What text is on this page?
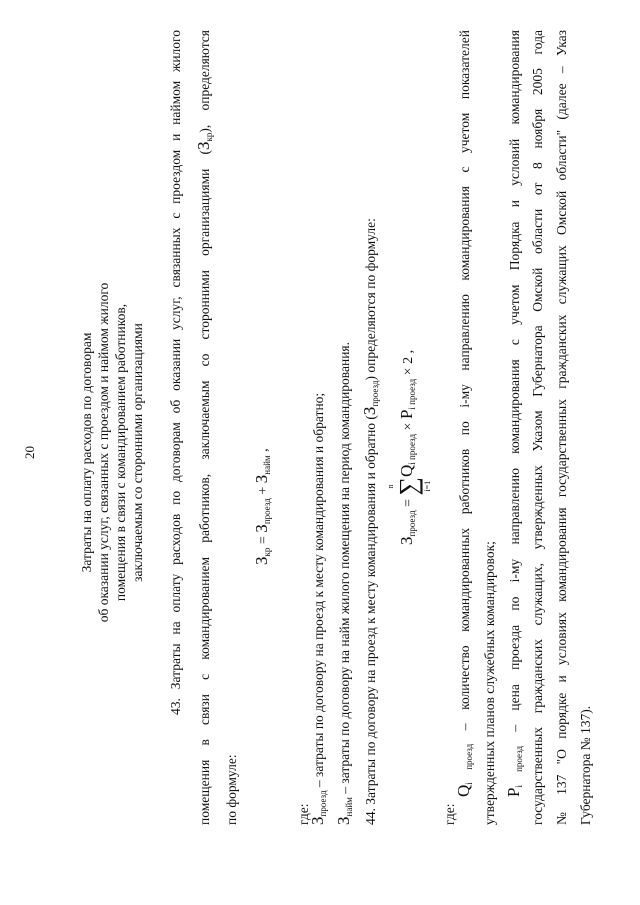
20	Затраты на оплату расходов по договорам об оказании услуг, связанных с проездом и наймом жилого помещения в связи с командированием работников, заключаемым со сторонними организациями	43. Затраты на оплату расходов по договорам об оказании услуг, связанных с проездом и наймом жилого	помещения в связи с командированием работников, заключаемым со сторонними организациями $(З_{кр})$, определяются
по формуле:
$З_{кр} = З_{проезд} + З_{найм}$ ,
где:
$З_{проезд}$ – затраты по договору на проезд к месту командирования и обратно;
$З_{найм}$ – затраты по договору на найм жилого помещения на период командирования. 44. Затраты по договору на проезд к месту командирования и обратно $(З_{проезд})$ определяются по формуле:
$З_{проезд}$ =
n ∑ i=1
$Q_{i проезд} \times P_{i проезд} \times 2$ ,
где:
$Q_{i проезд}$ – количество командированных работников по i-му направлению командирования с учетом показателей утвержденных планов служебных командировок; $P_{i проезд}$ – цена проезда по i-му направлению командирования с учетом Порядка и условий командирования государственных гражданских служащих, утвержденных Указом Губернатора Омской области от 8 ноября 2005 года № 137 "О порядке и условиях командирования государственных гражданских служащих Омской области" (далее – Указ Губернатора № 137).
